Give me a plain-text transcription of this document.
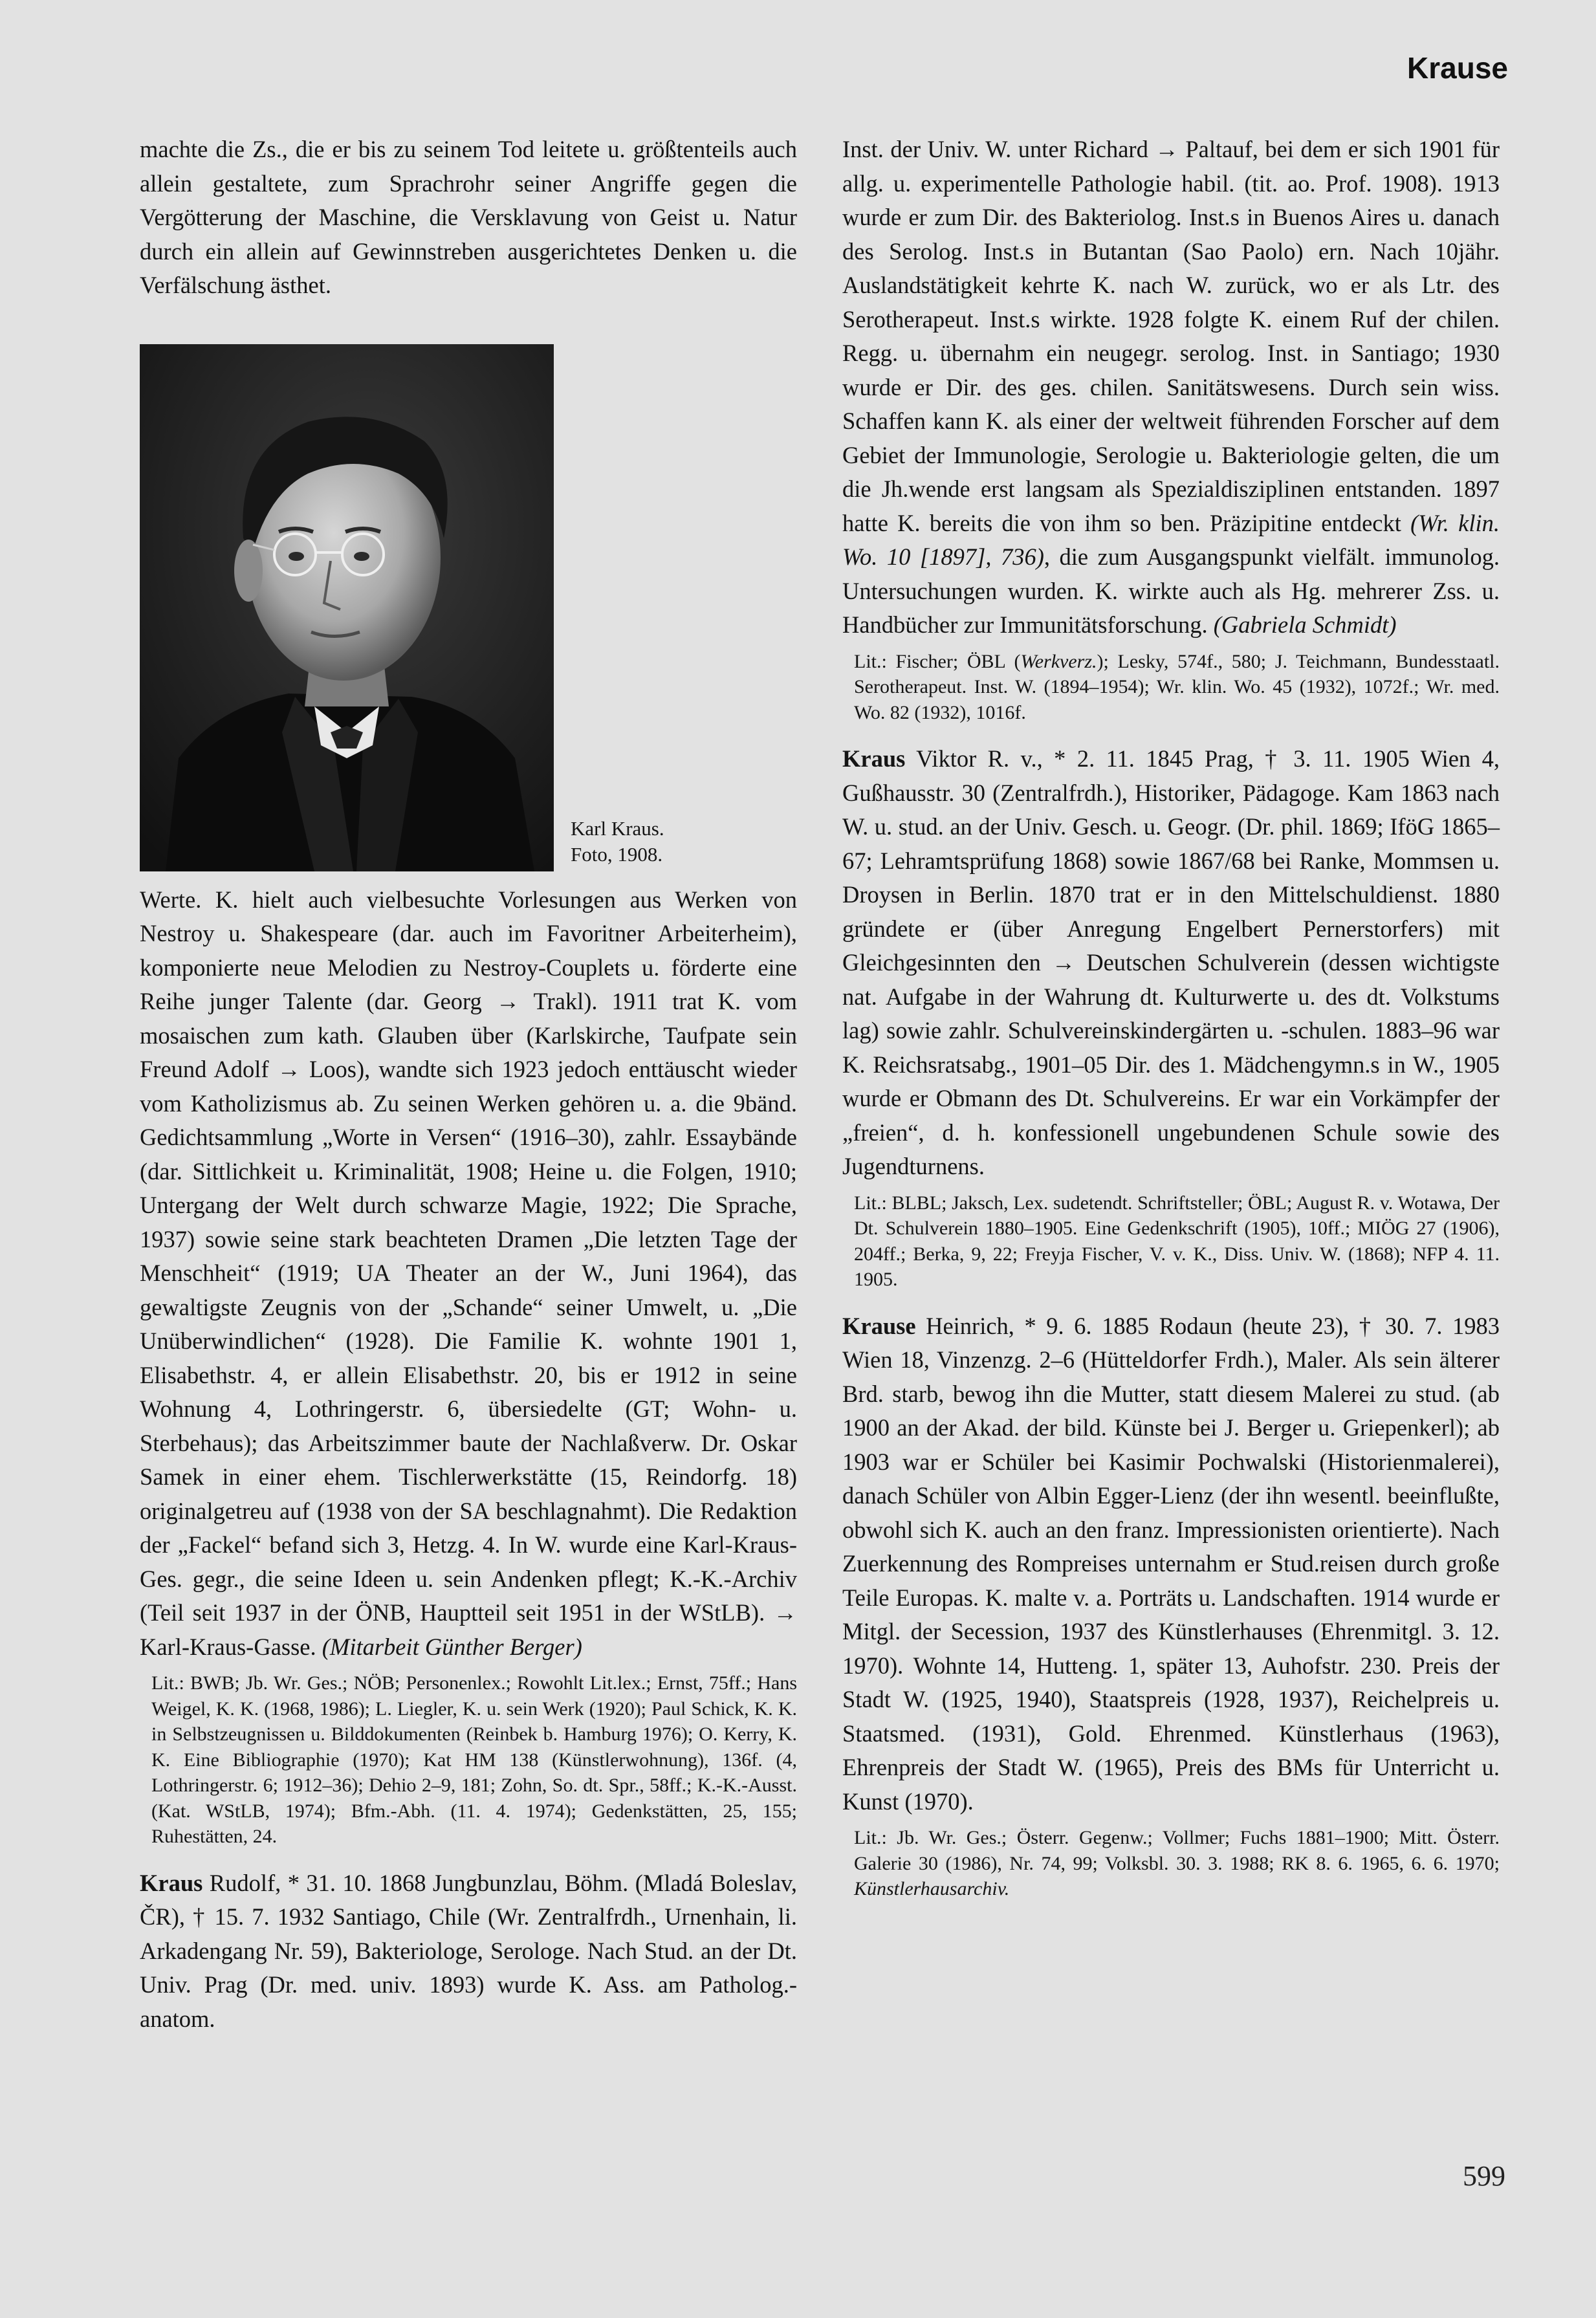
Krause

machte die Zs., die er bis zu seinem Tod leitete u. größtenteils auch allein gestaltete, zum Sprachrohr seiner Angriffe gegen die Vergötterung der Maschine, die Versklavung von Geist u. Natur durch ein allein auf Gewinnstreben ausgerichtetes Denken u. die Verfälschung ästhet.

Karl Kraus.
Foto, 1908.

Werte. K. hielt auch vielbesuchte Vorlesungen aus Werken von Nestroy u. Shakespeare (dar. auch im Favoritner Arbeiterheim), komponierte neue Melodien zu Nestroy-Couplets u. förderte eine Reihe junger Talente (dar. Georg → Trakl). 1911 trat K. vom mosaischen zum kath. Glauben über (Karlskirche, Taufpate sein Freund Adolf → Loos), wandte sich 1923 jedoch enttäuscht wieder vom Katholizismus ab. Zu seinen Werken gehören u. a. die 9bänd. Gedichtsammlung „Worte in Versen“ (1916–30), zahlr. Essaybände (dar. Sittlichkeit u. Kriminalität, 1908; Heine u. die Folgen, 1910; Untergang der Welt durch schwarze Magie, 1922; Die Sprache, 1937) sowie seine stark beachteten Dramen „Die letzten Tage der Menschheit“ (1919; UA Theater an der W., Juni 1964), das gewaltigste Zeugnis von der „Schande“ seiner Umwelt, u. „Die Unüberwindlichen“ (1928). Die Familie K. wohnte 1901 1, Elisabethstr. 4, er allein Elisabethstr. 20, bis er 1912 in seine Wohnung 4, Lothringerstr. 6, übersiedelte (GT; Wohn- u. Sterbehaus); das Arbeitszimmer baute der Nachlaßverw. Dr. Oskar Samek in einer ehem. Tischlerwerkstätte (15, Reindorfg. 18) originalgetreu auf (1938 von der SA beschlagnahmt). Die Redaktion der „Fackel“ befand sich 3, Hetzg. 4. In W. wurde eine Karl-Kraus-Ges. gegr., die seine Ideen u. sein Andenken pflegt; K.-K.-Archiv (Teil seit 1937 in der ÖNB, Hauptteil seit 1951 in der WStLB). → Karl-Kraus-Gasse. (Mitarbeit Günther Berger)

Lit.: BWB; Jb. Wr. Ges.; NÖB; Personenlex.; Rowohlt Lit.lex.; Ernst, 75ff.; Hans Weigel, K. K. (1968, 1986); L. Liegler, K. u. sein Werk (1920); Paul Schick, K. K. in Selbstzeugnissen u. Bilddokumenten (Reinbek b. Hamburg 1976); O. Kerry, K. K. Eine Bibliographie (1970); Kat HM 138 (Künstlerwohnung), 136f. (4, Lothringerstr. 6; 1912–36); Dehio 2–9, 181; Zohn, So. dt. Spr., 58ff.; K.-K.-Ausst. (Kat. WStLB, 1974); Bfm.-Abh. (11. 4. 1974); Gedenkstätten, 25, 155; Ruhestätten, 24.

Kraus Rudolf, * 31. 10. 1868 Jungbunzlau, Böhm. (Mladá Boleslav, ČR), † 15. 7. 1932 Santiago, Chile (Wr. Zentralfrdh., Urnenhain, li. Arkadengang Nr. 59), Bakteriologe, Serologe. Nach Stud. an der Dt. Univ. Prag (Dr. med. univ. 1893) wurde K. Ass. am Patholog.-anatom.

Inst. der Univ. W. unter Richard → Paltauf, bei dem er sich 1901 für allg. u. experimentelle Pathologie habil. (tit. ao. Prof. 1908). 1913 wurde er zum Dir. des Bakteriolog. Inst.s in Buenos Aires u. danach des Serolog. Inst.s in Butantan (Sao Paolo) ern. Nach 10jähr. Auslandstätigkeit kehrte K. nach W. zurück, wo er als Ltr. des Serotherapeut. Inst.s wirkte. 1928 folgte K. einem Ruf der chilen. Regg. u. übernahm ein neugegr. serolog. Inst. in Santiago; 1930 wurde er Dir. des ges. chilen. Sanitätswesens. Durch sein wiss. Schaffen kann K. als einer der weltweit führenden Forscher auf dem Gebiet der Immunologie, Serologie u. Bakteriologie gelten, die um die Jh.wende erst langsam als Spezialdisziplinen entstanden. 1897 hatte K. bereits die von ihm so ben. Präzipitine entdeckt (Wr. klin. Wo. 10 [1897], 736), die zum Ausgangspunkt vielfält. immunolog. Untersuchungen wurden. K. wirkte auch als Hg. mehrerer Zss. u. Handbücher zur Immunitätsforschung. (Gabriela Schmidt)

Lit.: Fischer; ÖBL (Werkverz.); Lesky, 574f., 580; J. Teichmann, Bundesstaatl. Serotherapeut. Inst. W. (1894–1954); Wr. klin. Wo. 45 (1932), 1072f.; Wr. med. Wo. 82 (1932), 1016f.

Kraus Viktor R. v., * 2. 11. 1845 Prag, † 3. 11. 1905 Wien 4, Gußhausstr. 30 (Zentralfrdh.), Historiker, Pädagoge. Kam 1863 nach W. u. stud. an der Univ. Gesch. u. Geogr. (Dr. phil. 1869; IföG 1865–67; Lehramtsprüfung 1868) sowie 1867/68 bei Ranke, Mommsen u. Droysen in Berlin. 1870 trat er in den Mittelschuldienst. 1880 gründete er (über Anregung Engelbert Pernerstorfers) mit Gleichgesinnten den → Deutschen Schulverein (dessen wichtigste nat. Aufgabe in der Wahrung dt. Kulturwerte u. des dt. Volkstums lag) sowie zahlr. Schulvereinskindergärten u. -schulen. 1883–96 war K. Reichsratsabg., 1901–05 Dir. des 1. Mädchengymn.s in W., 1905 wurde er Obmann des Dt. Schulvereins. Er war ein Vorkämpfer der „freien“, d. h. konfessionell ungebundenen Schule sowie des Jugendturnens.

Lit.: BLBL; Jaksch, Lex. sudetendt. Schriftsteller; ÖBL; August R. v. Wotawa, Der Dt. Schulverein 1880–1905. Eine Gedenkschrift (1905), 10ff.; MIÖG 27 (1906), 204ff.; Berka, 9, 22; Freyja Fischer, V. v. K., Diss. Univ. W. (1868); NFP 4. 11. 1905.

Krause Heinrich, * 9. 6. 1885 Rodaun (heute 23), † 30. 7. 1983 Wien 18, Vinzenzg. 2–6 (Hütteldorfer Frdh.), Maler. Als sein älterer Brd. starb, bewog ihn die Mutter, statt diesem Malerei zu stud. (ab 1900 an der Akad. der bild. Künste bei J. Berger u. Griepenkerl); ab 1903 war er Schüler bei Kasimir Pochwalski (Historienmalerei), danach Schüler von Albin Egger-Lienz (der ihn wesentl. beeinflußte, obwohl sich K. auch an den franz. Impressionisten orientierte). Nach Zuerkennung des Rompreises unternahm er Stud.reisen durch große Teile Europas. K. malte v. a. Porträts u. Landschaften. 1914 wurde er Mitgl. der Secession, 1937 des Künstlerhauses (Ehrenmitgl. 3. 12. 1970). Wohnte 14, Hutteng. 1, später 13, Auhofstr. 230. Preis der Stadt W. (1925, 1940), Staatspreis (1928, 1937), Reichelpreis u. Staatsmed. (1931), Gold. Ehrenmed. Künstlerhaus (1963), Ehrenpreis der Stadt W. (1965), Preis des BMs für Unterricht u. Kunst (1970).

Lit.: Jb. Wr. Ges.; Österr. Gegenw.; Vollmer; Fuchs 1881–1900; Mitt. Österr. Galerie 30 (1986), Nr. 74, 99; Volksbl. 30. 3. 1988; RK 8. 6. 1965, 6. 6. 1970; Künstlerhausarchiv.

599
